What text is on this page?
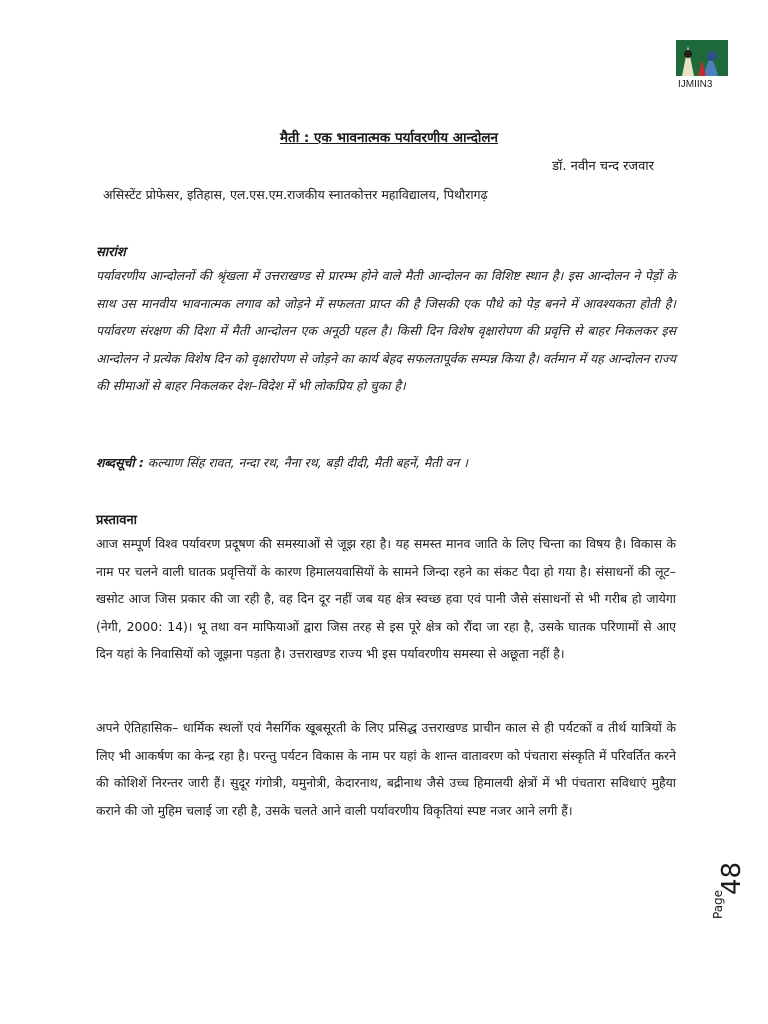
IJMIIN3
मैती : एक भावनात्मक पर्यावरणीय आन्दोलन
डॉ. नवीन चन्द रजवार
असिस्टेंट प्रोफेसर, इतिहास, एल.एस.एम.राजकीय स्नातकोत्तर महाविद्यालय, पिथौरागढ़
सारांश
पर्यावरणीय आन्दोलनों की श्रृंखला में उत्तराखण्ड से प्रारम्भ होने वाले मैती आन्दोलन का विशिष्ट स्थान है। इस आन्दोलन ने पेड़ों के साथ उस मानवीय भावनात्मक लगाव को जोड़ने में सफलता प्राप्त की है जिसकी एक पौधे को पेड़ बनने में आवश्यकता होती है। पर्यावरण संरक्षण की दिशा में मैती आन्दोलन एक अनूठी पहल है। किसी दिन विशेष वृक्षारोपण की प्रवृत्ति से बाहर निकलकर इस आन्दोलन ने प्रत्येक विशेष दिन को वृक्षारोपण से जोड़ने का कार्य बेहद सफलतापूर्वक सम्पन्न किया है। वर्तमान में यह आन्दोलन राज्य की सीमाओं से बाहर निकलकर देश–विदेश में भी लोकप्रिय हो चुका है।
शब्दसूची : कल्याण सिंह रावत, नन्दा रथ, नैना रथ, बड़ी दीदी, मैती बहनें, मैती वन ।
प्रस्तावना
आज सम्पूर्ण विश्व पर्यावरण प्रदूषण की समस्याओं से जूझ रहा है। यह समस्त मानव जाति के लिए चिन्ता का विषय है। विकास के नाम पर चलने वाली घातक प्रवृत्तियों के कारण हिमालयवासियों के सामने जिन्दा रहने का संकट पैदा हो गया है। संसाधनों की लूट–खसोट आज जिस प्रकार की जा रही है, वह दिन दूर नहीं जब यह क्षेत्र स्वच्छ हवा एवं पानी जैसे संसाधनों से भी गरीब हो जायेगा (नेगी, 2000: 14)। भू तथा वन माफियाओं द्वारा जिस तरह से इस पूरे क्षेत्र को रौंदा जा रहा है, उसके घातक परिणामों से आए दिन यहां के निवासियों को जूझना पड़ता है। उत्तराखण्ड राज्य भी इस पर्यावरणीय समस्या से अछूता नहीं है।
अपने ऐतिहासिक– धार्मिक स्थलों एवं नैसर्गिक खूबसूरती के लिए प्रसिद्ध उत्तराखण्ड प्राचीन काल से ही पर्यटकों व तीर्थ यात्रियों के लिए भी आकर्षण का केन्द्र रहा है। परन्तु पर्यटन विकास के नाम पर यहां के शान्त वातावरण को पंचतारा संस्कृति में परिवर्तित करने की कोशिशें निरन्तर जारी हैं। सुदूर गंगोत्री, यमुनोत्री, केदारनाथ, बद्रीनाथ जैसे उच्च हिमालयी क्षेत्रों में भी पंचतारा सविधाएं मुहैया कराने की जो मुहिम चलाई जा रही है, उसके चलते आने वाली पर्यावरणीय विकृतियां स्पष्ट नजर आने लगी हैं।
Page
48
